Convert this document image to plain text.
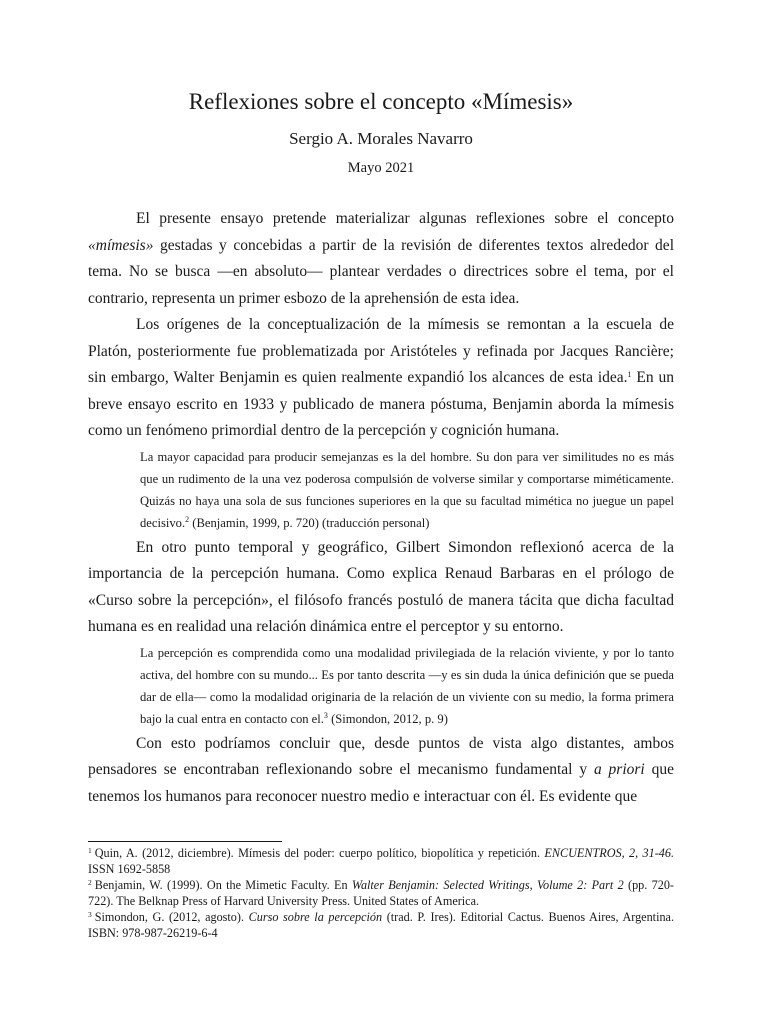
Reflexiones sobre el concepto «Mímesis»
Sergio A. Morales Navarro
Mayo 2021

El presente ensayo pretende materializar algunas reflexiones sobre el concepto «mímesis» gestadas y concebidas a partir de la revisión de diferentes textos alrededor del tema. No se busca —en absoluto— plantear verdades o directrices sobre el tema, por el contrario, representa un primer esbozo de la aprehensión de esta idea.

Los orígenes de la conceptualización de la mímesis se remontan a la escuela de Platón, posteriormente fue problematizada por Aristóteles y refinada por Jacques Rancière; sin embargo, Walter Benjamin es quien realmente expandió los alcances de esta idea.$^1$ En un breve ensayo escrito en 1933 y publicado de manera póstuma, Benjamin aborda la mímesis como un fenómeno primordial dentro de la percepción y cognición humana.

La mayor capacidad para producir semejanzas es la del hombre. Su don para ver similitudes no es más que un rudimento de la una vez poderosa compulsión de volverse similar y comportarse miméticamente. Quizás no haya una sola de sus funciones superiores en la que su facultad mimética no juegue un papel decisivo.$^2$ (Benjamin, 1999, p. 720) (traducción personal)

En otro punto temporal y geográfico, Gilbert Simondon reflexionó acerca de la importancia de la percepción humana. Como explica Renaud Barbaras en el prólogo de «Curso sobre la percepción», el filósofo francés postuló de manera tácita que dicha facultad humana es en realidad una relación dinámica entre el perceptor y su entorno.

La percepción es comprendida como una modalidad privilegiada de la relación viviente, y por lo tanto activa, del hombre con su mundo... Es por tanto descrita —y es sin duda la única definición que se pueda dar de ella— como la modalidad originaria de la relación de un viviente con su medio, la forma primera bajo la cual entra en contacto con el.$^3$ (Simondon, 2012, p. 9)

Con esto podríamos concluir que, desde puntos de vista algo distantes, ambos pensadores se encontraban reflexionando sobre el mecanismo fundamental y a priori que tenemos los humanos para reconocer nuestro medio e interactuar con él. Es evidente que

$^1$ Quin, A. (2012, diciembre). Mímesis del poder: cuerpo político, biopolítica y repetición. ENCUENTROS, 2, 31-46. ISSN 1692-5858

$^2$ Benjamin, W. (1999). On the Mimetic Faculty. En Walter Benjamin: Selected Writings, Volume 2: Part 2 (pp. 720-722). The Belknap Press of Harvard University Press. United States of America.

$^3$ Simondon, G. (2012, agosto). Curso sobre la percepción (trad. P. Ires). Editorial Cactus. Buenos Aires, Argentina. ISBN: 978-987-26219-6-4
